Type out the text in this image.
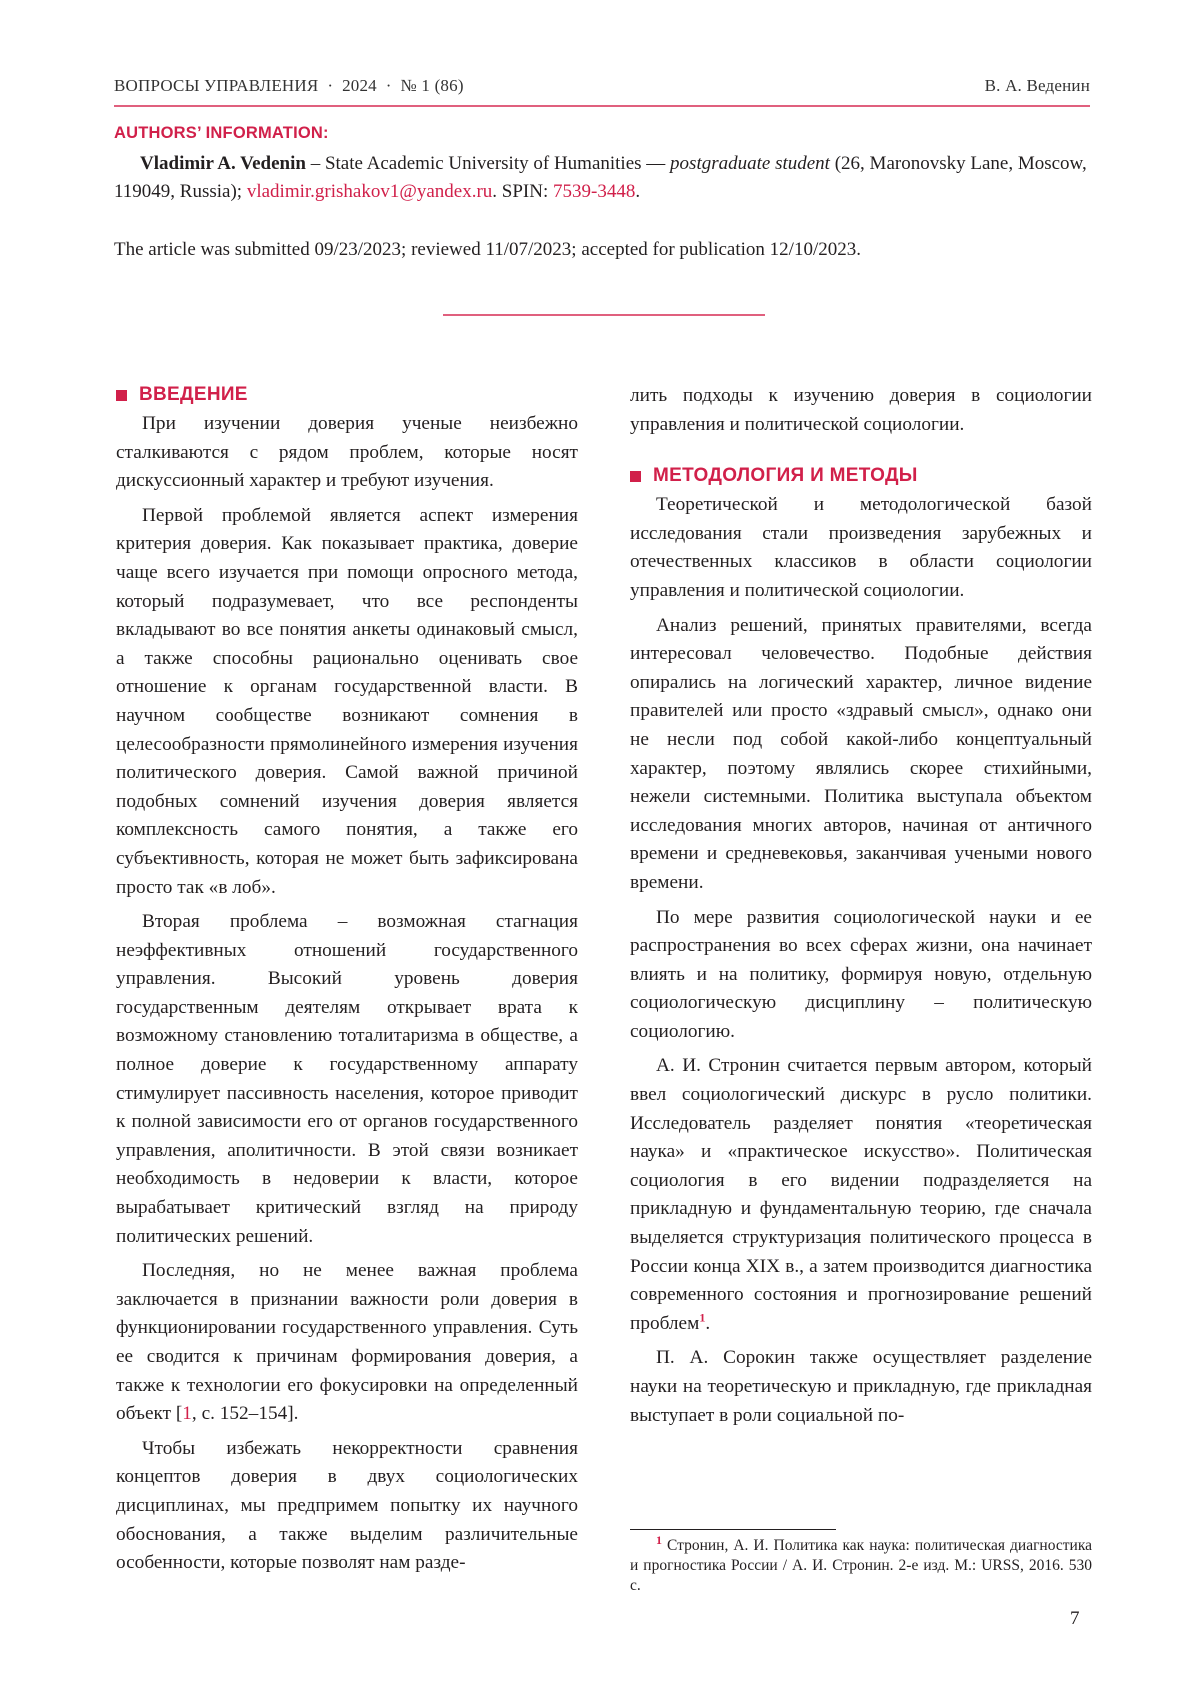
ВОПРОСЫ УПРАВЛЕНИЯ  ·  2024  ·  № 1 (86)	В. А. Веденин
AUTHORS’ INFORMATION:
Vladimir A. Vedenin – State Academic University of Humanities — postgraduate student (26, Maronovsky Lane, Moscow, 119049, Russia); vladimir.grishakov1@yandex.ru. SPIN: 7539-3448.
The article was submitted 09/23/2023; reviewed 11/07/2023; accepted for publication 12/10/2023.
ВВЕДЕНИЕ

При изучении доверия ученые неизбежно сталкиваются с рядом проблем, которые носят дискуссионный характер и требуют изучения.

Первой проблемой является аспект измерения критерия доверия. Как показывает практика, доверие чаще всего изучается при помощи опросного метода, который подразумевает, что все респонденты вкладывают во все понятия анкеты одинаковый смысл, а также способны рационально оценивать свое отношение к органам государственной власти. В научном сообществе возникают сомнения в целесообразности прямолинейного измерения изучения политического доверия. Самой важной причиной подобных сомнений изучения доверия является комплексность самого понятия, а также его субъективность, которая не может быть зафиксирована просто так «в лоб».

Вторая проблема – возможная стагнация неэффективных отношений государственного управления. Высокий уровень доверия государственным деятелям открывает врата к возможному становлению тоталитаризма в обществе, а полное доверие к государственному аппарату стимулирует пассивность населения, которое приводит к полной зависимости его от органов государственного управления, аполитичности. В этой связи возникает необходимость в недоверии к власти, которое вырабатывает критический взгляд на природу политических решений.

Последняя, но не менее важная проблема заключается в признании важности роли доверия в функционировании государственного управления. Суть ее сводится к причинам формирования доверия, а также к технологии его фокусировки на определенный объект [1, с. 152–154].

Чтобы избежать некорректности сравнения концептов доверия в двух социологических дисциплинах, мы предпримем попытку их научного обоснования, а также выделим различительные особенности, которые позволят нам разде-

лить подходы к изучению доверия в социологии управления и политической социологии.

МЕТОДОЛОГИЯ И МЕТОДЫ

Теоретической и методологической базой исследования стали произведения зарубежных и отечественных классиков в области социологии управления и политической социологии.

Анализ решений, принятых правителями, всегда интересовал человечество. Подобные действия опирались на логический характер, личное видение правителей или просто «здравый смысл», однако они не несли под собой какой-либо концептуальный характер, поэтому являлись скорее стихийными, нежели системными. Политика выступала объектом исследования многих авторов, начиная от античного времени и средневековья, заканчивая учеными нового времени.

По мере развития социологической науки и ее распространения во всех сферах жизни, она начинает влиять и на политику, формируя новую, отдельную социологическую дисциплину – политическую социологию.

А. И. Стронин считается первым автором, который ввел социологический дискурс в русло политики. Исследователь разделяет понятия «теоретическая наука» и «практическое искусство». Политическая социология в его видении подразделяется на прикладную и фундаментальную теорию, где сначала выделяется структуризация политического процесса в России конца XIX в., а затем производится диагностика современного состояния и прогнозирование решений проблем$^1$.

П. А. Сорокин также осуществляет разделение науки на теоретическую и прикладную, где прикладная выступает в роли социальной по-

$^1$ Стронин, А. И. Политика как наука: политическая диагностика и прогностика России / А. И. Стронин. 2-е изд. М.: URSS, 2016. 530 с.
7
